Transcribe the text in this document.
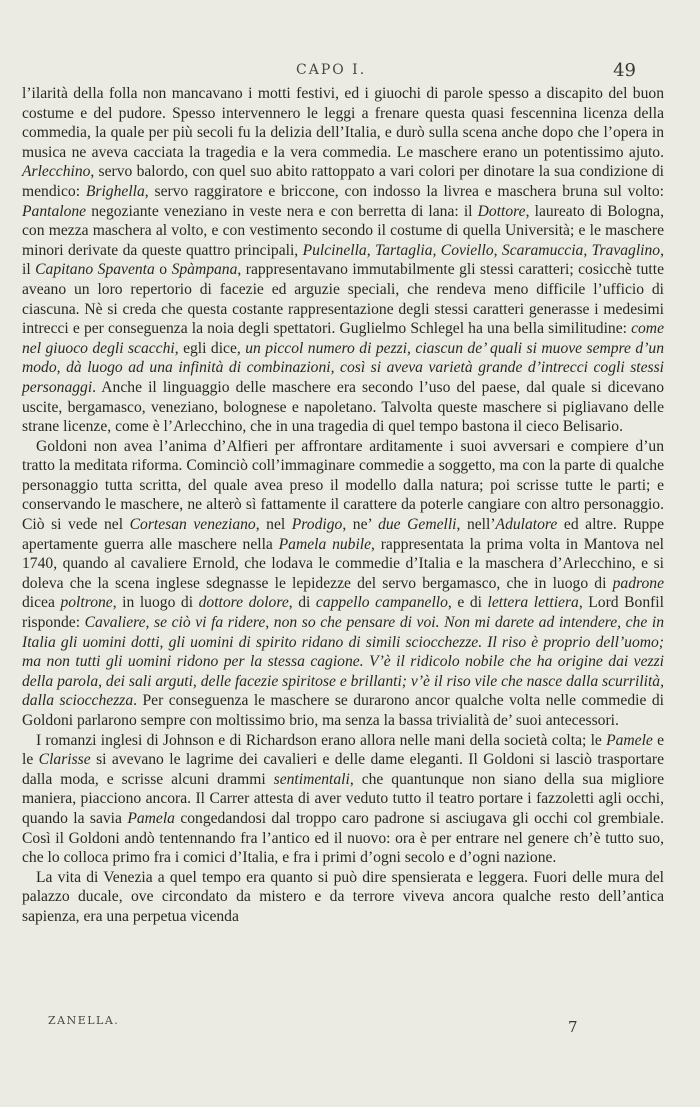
CAPO I.	49

l’ilarità della folla non mancavano i motti festivi, ed i giuochi di parole spesso a discapito del buon costume e del pudore. Spesso intervennero le leggi a frenare questa quasi fescennina licenza della commedia, la quale per più secoli fu la delizia dell’Italia, e durò sulla scena anche dopo che l’opera in musica ne aveva cacciata la tragedia e la vera commedia. Le maschere erano un potentissimo ajuto. Arlecchino, servo balordo, con quel suo abito rattoppato a vari colori per dinotare la sua condizione di mendico: Brighella, servo raggiratore e briccone, con indosso la livrea e maschera bruna sul volto: Pantalone negoziante veneziano in veste nera e con berretta di lana: il Dottore, laureato di Bologna, con mezza maschera al volto, e con vestimento secondo il costume di quella Università; e le maschere minori derivate da queste quattro principali, Pulcinella, Tartaglia, Coviello, Scaramuccia, Travaglino, il Capitano Spaventa o Spàmpana, rappresentavano immutabilmente gli stessi caratteri; cosicchè tutte aveano un loro repertorio di facezie ed arguzie speciali, che rendeva meno difficile l’ufficio di ciascuna. Nè si creda che questa costante rappresentazione degli stessi caratteri generasse i medesimi intrecci e per conseguenza la noia degli spettatori. Guglielmo Schlegel ha una bella similitudine: come nel giuoco degli scacchi, egli dice, un piccol numero di pezzi, ciascun de’ quali si muove sempre d’un modo, dà luogo ad una infinità di combinazioni, così si aveva varietà grande d’intrecci cogli stessi personaggi. Anche il linguaggio delle maschere era secondo l’uso del paese, dal quale si dicevano uscite, bergamasco, veneziano, bolognese e napoletano. Talvolta queste maschere si pigliavano delle strane licenze, come è l’Arlecchino, che in una tragedia di quel tempo bastona il cieco Belisario.

Goldoni non avea l’anima d’Alfieri per affrontare arditamente i suoi avversari e compiere d’un tratto la meditata riforma. Cominciò coll’immaginare commedie a soggetto, ma con la parte di qualche personaggio tutta scritta, del quale avea preso il modello dalla natura; poi scrisse tutte le parti; e conservando le maschere, ne alterò sì fattamente il carattere da poterle cangiare con altro personaggio. Ciò si vede nel Cortesan veneziano, nel Prodigo, ne’ due Gemelli, nell’Adulatore ed altre. Ruppe apertamente guerra alle maschere nella Pamela nubile, rappresentata la prima volta in Mantova nel 1740, quando al cavaliere Ernold, che lodava le commedie d’Italia e la maschera d’Arlecchino, e si doleva che la scena inglese sdegnasse le lepidezze del servo bergamasco, che in luogo di padrone dicea poltrone, in luogo di dottore dolore, di cappello campanello, e di lettera lettiera, Lord Bonfil risponde: Cavaliere, se ciò vi fa ridere, non so che pensare di voi. Non mi darete ad intendere, che in Italia gli uomini dotti, gli uomini di spirito ridano di simili sciocchezze. Il riso è proprio dell’uomo; ma non tutti gli uomini ridono per la stessa cagione. V’è il ridicolo nobile che ha origine dai vezzi della parola, dei sali arguti, delle facezie spiritose e brillanti; v’è il riso vile che nasce dalla scurrilità, dalla sciocchezza. Per conseguenza le maschere se durarono ancor qualche volta nelle commedie di Goldoni parlarono sempre con moltissimo brio, ma senza la bassa trivialità de’ suoi antecessori.

I romanzi inglesi di Johnson e di Richardson erano allora nelle mani della società colta; le Pamele e le Clarisse si avevano le lagrime dei cavalieri e delle dame eleganti. Il Goldoni si lasciò trasportare dalla moda, e scrisse alcuni drammi sentimentali, che quantunque non siano della sua migliore maniera, piacciono ancora. Il Carrer attesta di aver veduto tutto il teatro portare i fazzoletti agli occhi, quando la savia Pamela congedandosi dal troppo caro padrone si asciugava gli occhi col grembiale. Così il Goldoni andò tentennando fra l’antico ed il nuovo: ora è per entrare nel genere ch’è tutto suo, che lo colloca primo fra i comici d’Italia, e fra i primi d’ogni secolo e d’ogni nazione.

La vita di Venezia a quel tempo era quanto si può dire spensierata e leggera. Fuori delle mura del palazzo ducale, ove circondato da mistero e da terrore viveva ancora qualche resto dell’antica sapienza, era una perpetua vicenda

ZANELLA.	7
